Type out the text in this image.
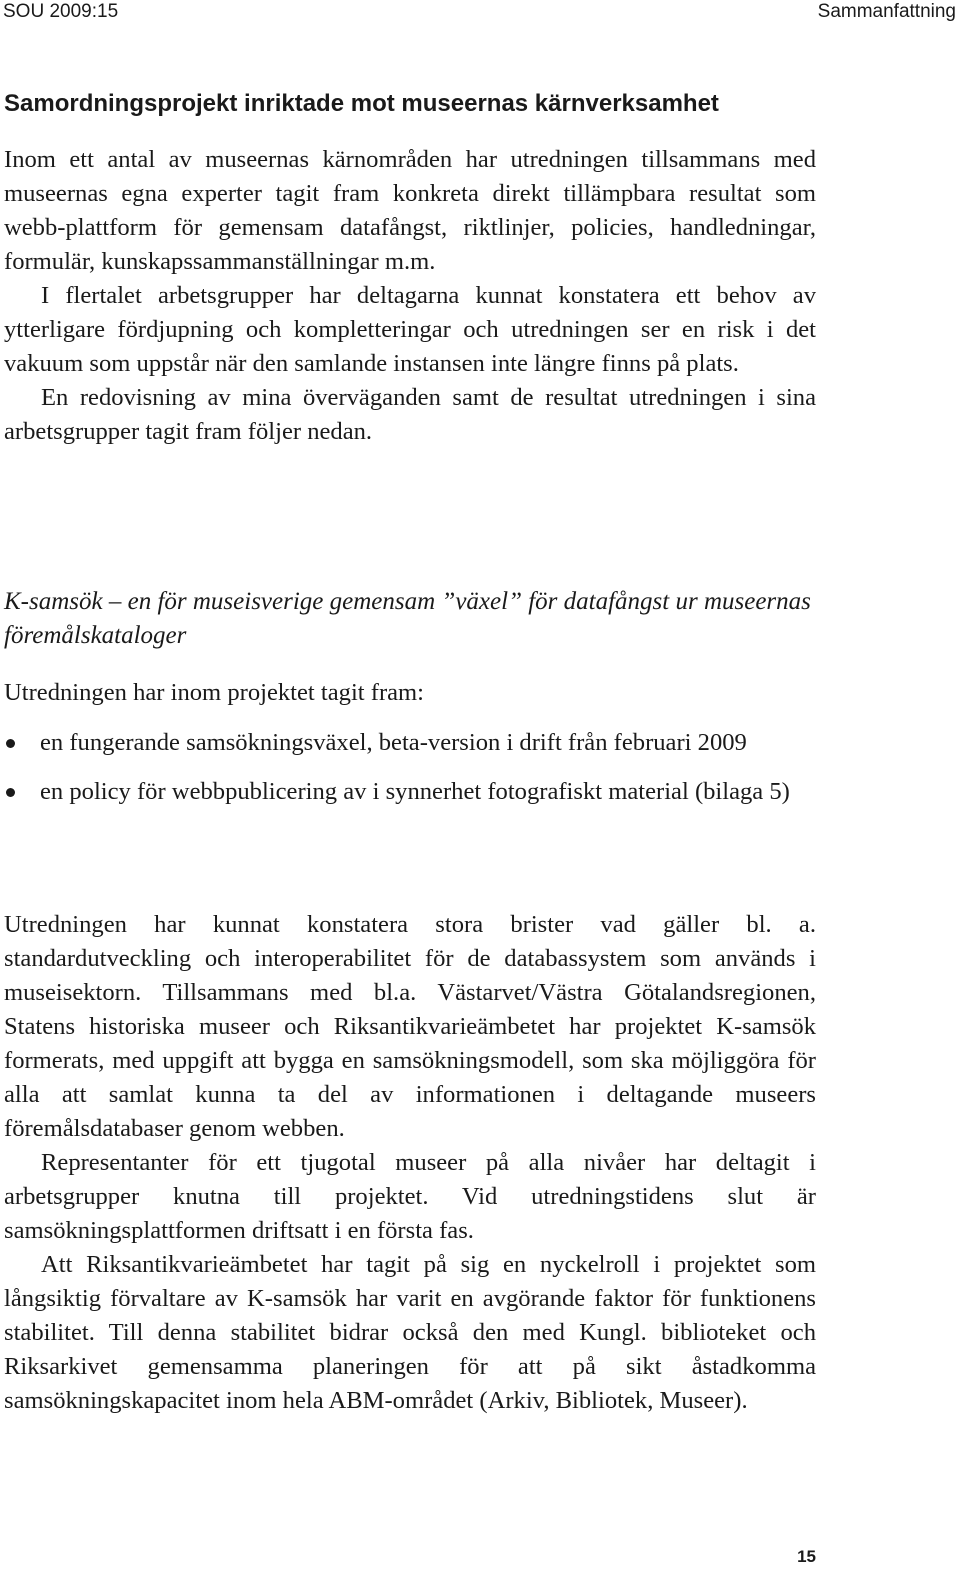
SOU 2009:15	Sammanfattning
Samordningsprojekt inriktade mot museernas kärnverksamhet

Inom ett antal av museernas kärnområden har utredningen tillsammans med museernas egna experter tagit fram konkreta direkt tillämpbara resultat som webb-plattform för gemensam datafångst, riktlinjer, policies, handledningar, formulär, kunskapssammanställningar m.m.

I flertalet arbetsgrupper har deltagarna kunnat konstatera ett behov av ytterligare fördjupning och kompletteringar och utredningen ser en risk i det vakuum som uppstår när den samlande instansen inte längre finns på plats.

En redovisning av mina överväganden samt de resultat utredningen i sina arbetsgrupper tagit fram följer nedan.

K-samsök – en för museisverige gemensam ”växel” för datafångst ur museernas föremålskataloger

Utredningen har inom projektet tagit fram:

en fungerande samsökningsväxel, beta-version i drift från februari 2009
en policy för webbpublicering av i synnerhet fotografiskt material (bilaga 5)

Utredningen har kunnat konstatera stora brister vad gäller bl. a. standardutveckling och interoperabilitet för de databassystem som används i museisektorn. Tillsammans med bl.a. Västarvet/Västra Götalandsregionen, Statens historiska museer och Riksantikvarieämbetet har projektet K-samsök formerats, med uppgift att bygga en samsökningsmodell, som ska möjliggöra för alla att samlat kunna ta del av informationen i deltagande museers föremålsdatabaser genom webben.

Representanter för ett tjugotal museer på alla nivåer har deltagit i arbetsgrupper knutna till projektet. Vid utredningstidens slut är samsökningsplattformen driftsatt i en första fas.

Att Riksantikvarieämbetet har tagit på sig en nyckelroll i projektet som långsiktig förvaltare av K-samsök har varit en avgörande faktor för funktionens stabilitet. Till denna stabilitet bidrar också den med Kungl. biblioteket och Riksarkivet gemensamma planeringen för att på sikt åstadkomma samsökningskapacitet inom hela ABM-området (Arkiv, Bibliotek, Museer).

15
